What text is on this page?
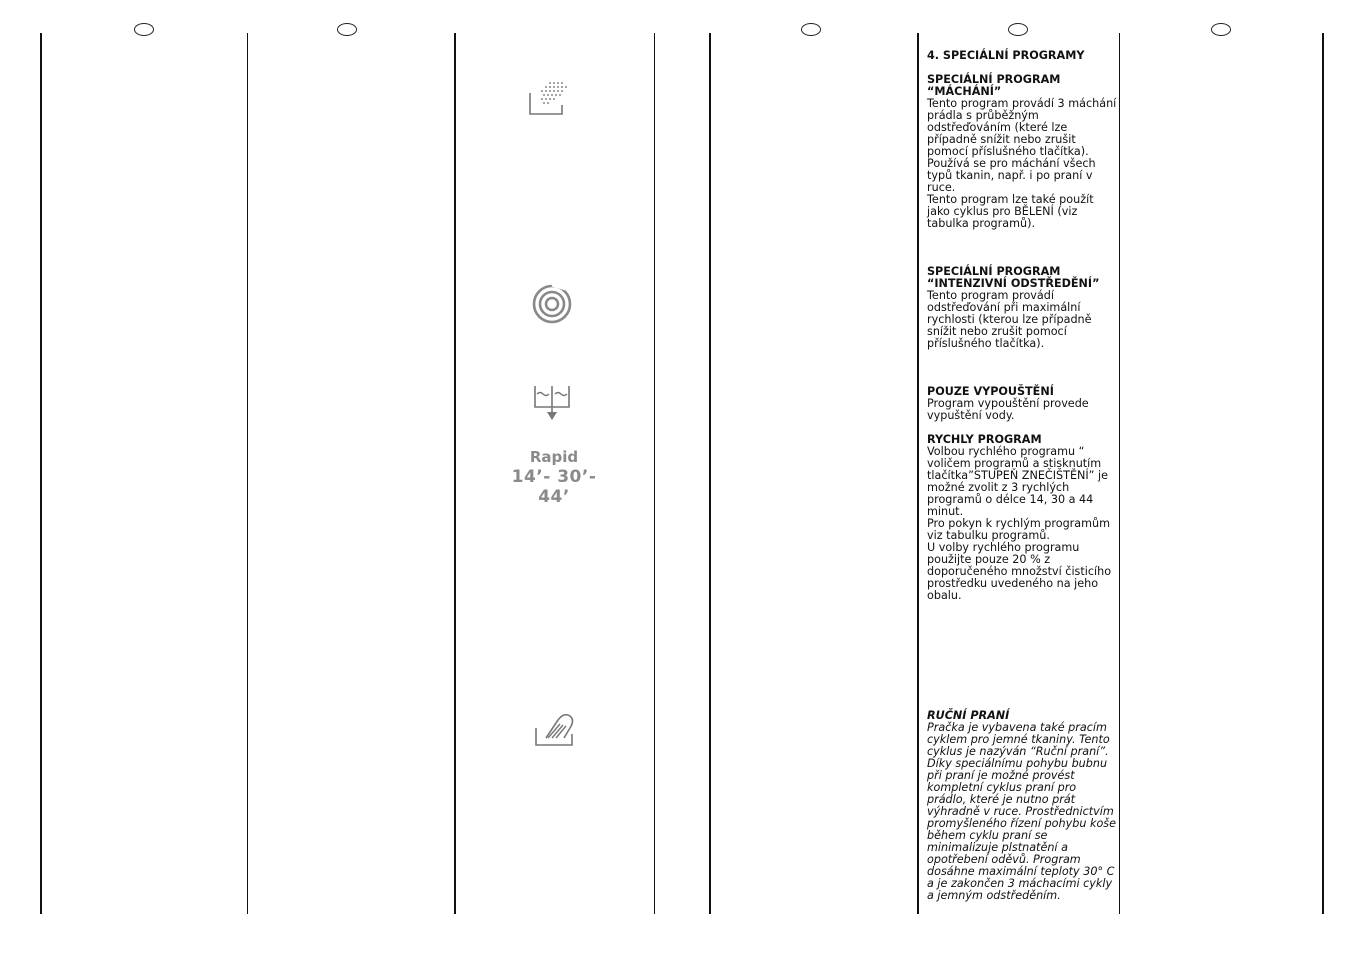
Rapid
14’- 30’- 44’

4. SPECIÁLNÍ PROGRAMY

SPECIÁLNÍ PROGRAM

“MÁCHÁNÍ”

Tento program provádí 3 máchání prádla s průběžným odstřeďováním (které lze případně snížit nebo zrušit pomocí příslušného tlačítka). Používá se pro máchání všech typů tkanin, např. i po praní v ruce.

Tento program lze také použít jako cyklus pro BĚLENÍ (viz tabulka programů).

SPECIÁLNÍ PROGRAM

“INTENZIVNÍ ODSTŘEDĚNÍ”

Tento program provádí odstřeďování při maximální rychlosti (kterou lze případně snížit nebo zrušit pomocí příslušného tlačítka).

POUZE VYPOUŠTĚNÍ

Program vypouštění provede vypuštění vody.

RYCHLY PROGRAM

Volbou rychlého programu “ voličem programů a stisknutím tlačítka”STUPEŇ ZNEČIŠTĚNÍ” je možné zvolit z 3 rychlých programů o délce 14, 30 a 44 minut.

Pro pokyn k rychlým programům viz tabulku programů.

U volby rychlého programu použijte pouze 20 % z doporučeného množství čisticího prostředku uvedeného na jeho obalu.

RUČNÍ PRANÍ

Pračka je vybavena také pracím cyklem pro jemné tkaniny. Tento cyklus je nazýván “Ruční praní”. Díky speciálnímu pohybu bubnu při praní je možné provést kompletní cyklus praní pro prádlo, které je nutno prát výhradně v ruce. Prostřednictvím promyšleného řízení pohybu koše během cyklu praní se minimalizuje plstnatění a opotřebení oděvů. Program dosáhne maximální teploty 30° C a je zakončen 3 máchacími cykly a jemným odstředěním.
